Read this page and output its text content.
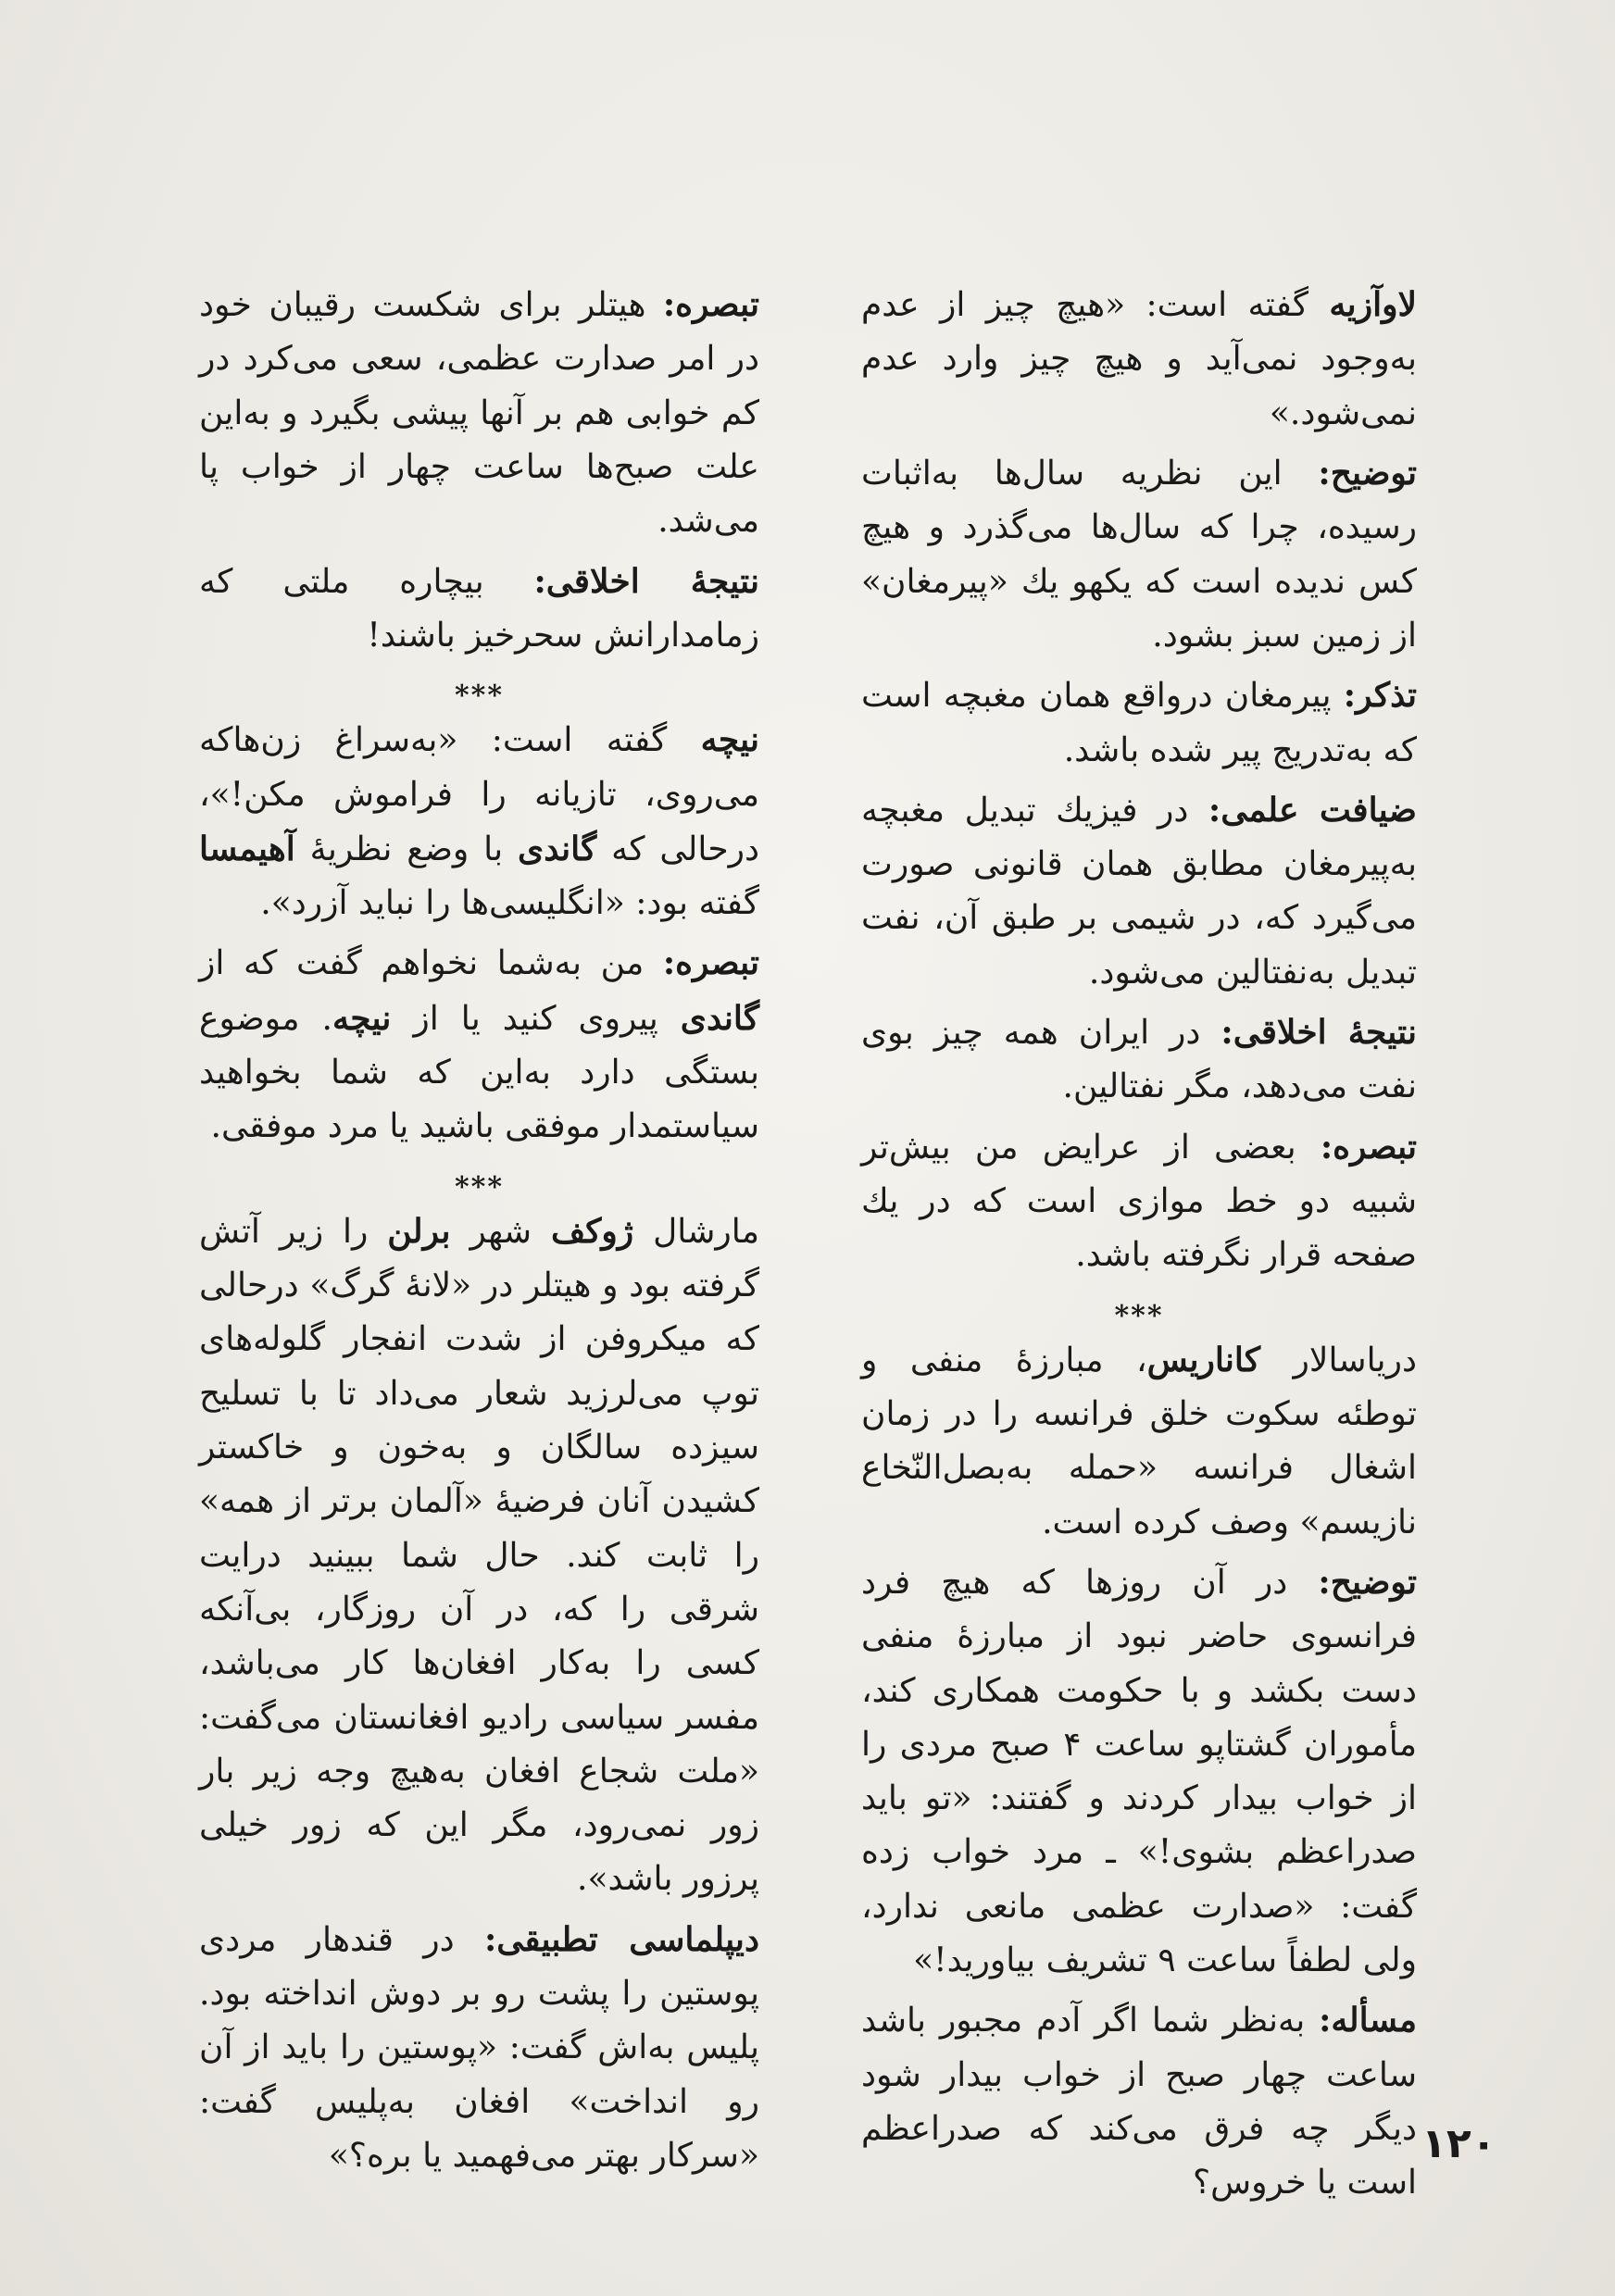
لاوآزیه گفته است: «هیچ چیز از عدم به‌وجود نمی‌آید و هیچ چیز وارد عدم نمی‌شود.»

توضیح: این نظریه سال‌ها به‌اثبات رسیده، چرا که سال‌ها می‌گذرد و هیچ کس ندیده است که یکهو یك «پیرمغان» از زمین سبز بشود.

تذکر: پیرمغان درواقع همان مغبچه است که به‌تدریج پیر شده باشد.

ضیافت علمی: در فیزیك تبدیل مغبچه به‌پیرمغان مطابق همان قانونی صورت می‌گیرد که، در شیمی بر طبق آن، نفت تبدیل به‌نفتالین می‌شود.

نتیجهٔ اخلاقی: در ایران همه چیز بوی نفت می‌دهد، مگر نفتالین.

تبصره: بعضی از عرایض من بیش‌تر شبیه دو خط موازی است که در یك صفحه قرار نگرفته باشد.

***

دریاسالار کاناریس، مبارزهٔ منفی و توطئه سکوت خلق فرانسه را در زمان اشغال فرانسه «حمله به‌بصل‌النّخاع نازیسم» وصف کرده است.

توضیح: در آن روزها که هیچ فرد فرانسوی حاضر نبود از مبارزهٔ منفی دست بکشد و با حکومت همکاری کند، مأموران گشتاپو ساعت ۴ صبح مردی را از خواب بیدار کردند و گفتند: «تو باید صدراعظم بشوی!» ـ مرد خواب زده گفت: «صدارت عظمی مانعی ندارد، ولی لطفاً ساعت ۹ تشریف بیاورید!»

مسأله: به‌نظر شما اگر آدم مجبور باشد ساعت چهار صبح از خواب بیدار شود دیگر چه فرق می‌کند که صدراعظم است یا خروس؟

تبصره: هیتلر برای شکست رقیبان خود در امر صدارت عظمی، سعی می‌کرد در کم خوابی هم بر آنها پیشی بگیرد و به‌این علت صبح‌ها ساعت چهار از خواب پا می‌شد.

نتیجهٔ اخلاقی: بیچاره ملتی که زمامدارانش سحرخیز باشند!

***

نیچه گفته است: «به‌سراغ زن‌هاکه می‌روی، تازیانه را فراموش مکن!»، درحالی که گاندی با وضع نظریهٔ آهیمسا گفته بود: «انگلیسی‌ها را نباید آزرد».

تبصره: من به‌شما نخواهم گفت که از گاندی پیروی کنید یا از نیچه. موضوع بستگی دارد به‌این که شما بخواهید سیاستمدار موفقی باشید یا مرد موفقی.

***

مارشال ژوکف شهر برلن را زیر آتش گرفته بود و هیتلر در «لانهٔ گرگ» درحالی که میکروفن از شدت انفجار گلوله‌های توپ می‌لرزید شعار می‌داد تا با تسلیح سیزده سالگان و به‌خون و خاکستر کشیدن آنان فرضیهٔ «آلمان برتر از همه» را ثابت کند. حال شما ببینید درایت شرقی را که، در آن روزگار، بی‌آنکه کسی را به‌کار افغان‌ها کار می‌باشد، مفسر سیاسی رادیو افغانستان می‌گفت: «ملت شجاع افغان به‌هیچ وجه زیر بار زور نمی‌رود، مگر این که زور خیلی پرزور باشد».

دیپلماسی تطبیقی: در قندهار مردی پوستین را پشت رو بر دوش انداخته بود. پلیس به‌اش گفت: «پوستین را باید از آن رو انداخت» افغان به‌پلیس گفت: «سرکار بهتر می‌فهمید یا بره؟»	۱۲۰
